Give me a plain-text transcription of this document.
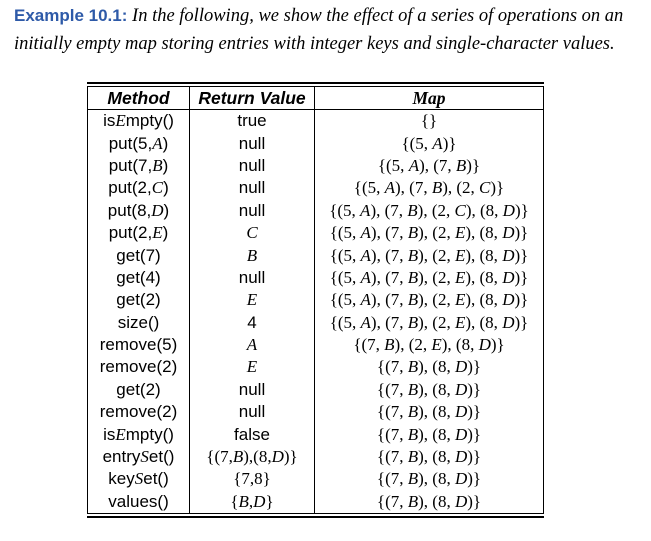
Example 10.1: In the following, we show the effect of a series of operations on an initially empty map storing entries with integer keys and single-character values.
Method	Return Value	Map
isEmpty()	true	{}
put(5,A)	null	{(5, A)}
put(7,B)	null	{(5, A), (7, B)}
put(2,C)	null	{(5, A), (7, B), (2, C)}
put(8,D)	null	{(5, A), (7, B), (2, C), (8, D)}
put(2,E)	C	{(5, A), (7, B), (2, E), (8, D)}
get(7)	B	{(5, A), (7, B), (2, E), (8, D)}
get(4)	null	{(5, A), (7, B), (2, E), (8, D)}
get(2)	E	{(5, A), (7, B), (2, E), (8, D)}
size()	4	{(5, A), (7, B), (2, E), (8, D)}
remove(5)	A	{(7, B), (2, E), (8, D)}
remove(2)	E	{(7, B), (8, D)}
get(2)	null	{(7, B), (8, D)}
remove(2)	null	{(7, B), (8, D)}
isEmpty()	false	{(7, B), (8, D)}
entrySet()	{(7,B),(8,D)}	{(7, B), (8, D)}
keySet()	{7,8}	{(7, B), (8, D)}
values()	{B,D}	{(7, B), (8, D)}
